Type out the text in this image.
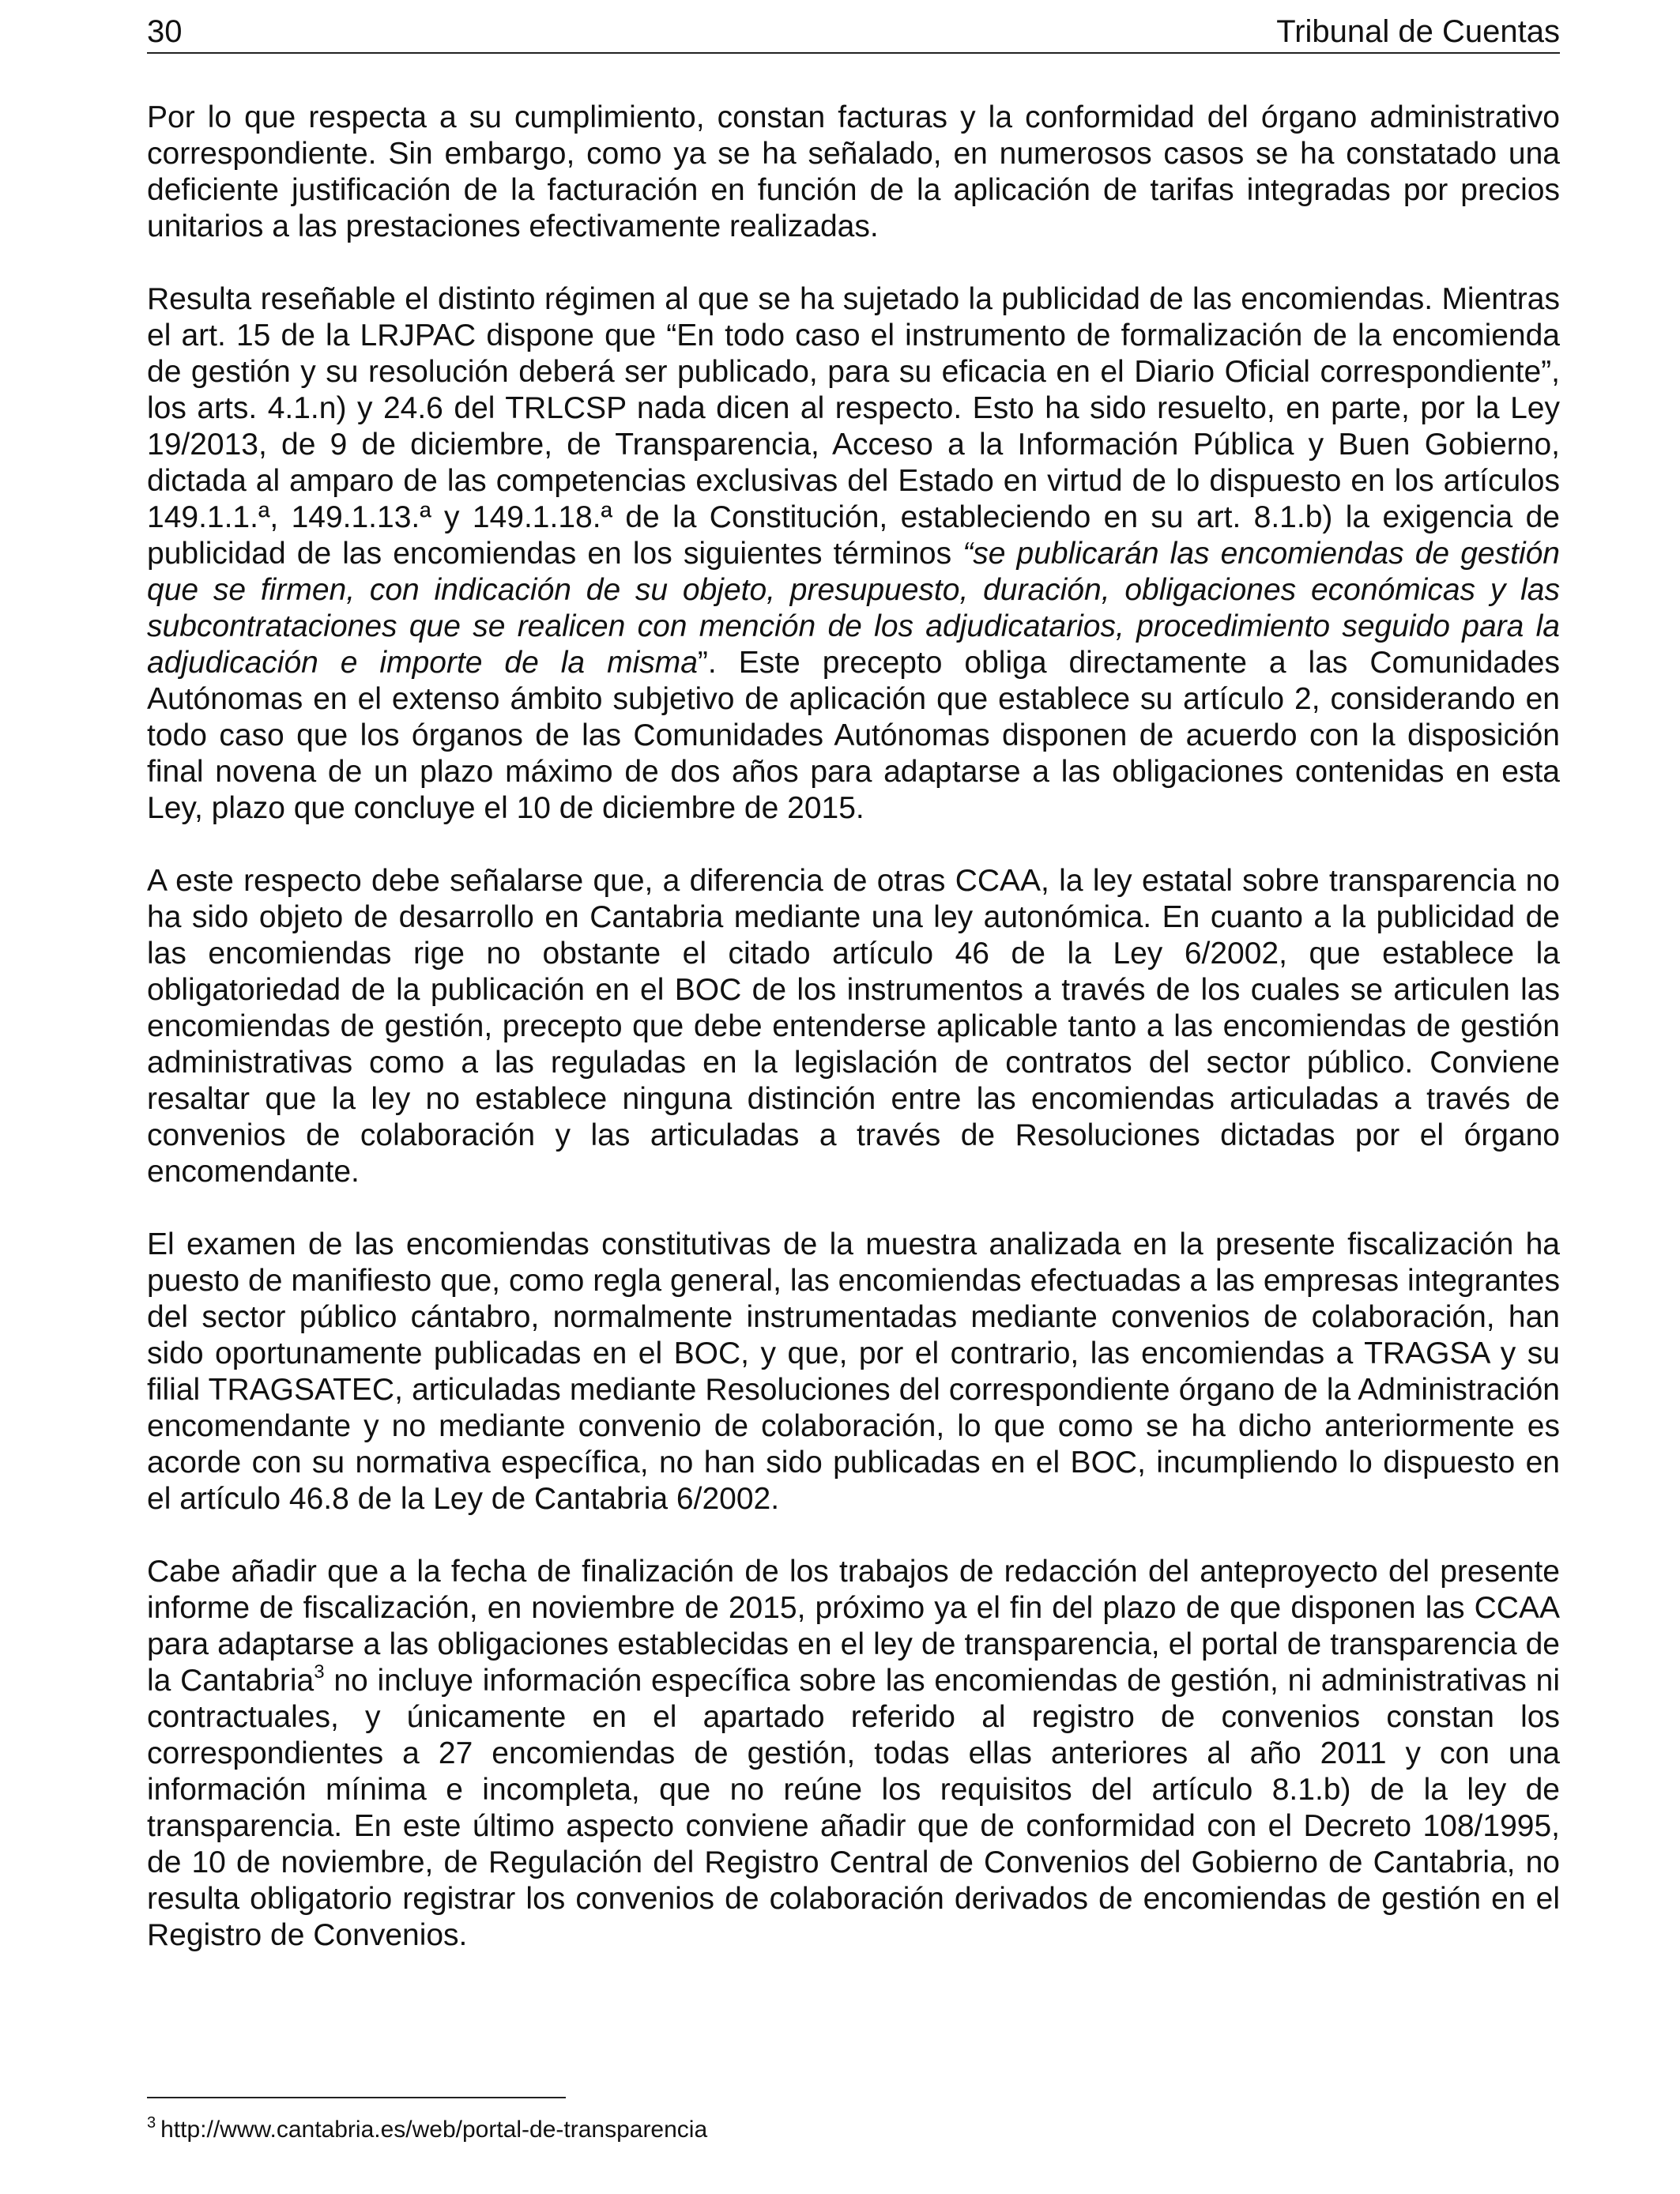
30	Tribunal de Cuentas

Por lo que respecta a su cumplimiento, constan facturas y la conformidad del órgano administrativo correspondiente. Sin embargo, como ya se ha señalado, en numerosos casos se ha constatado una deficiente justificación de la facturación en función de la aplicación de tarifas integradas por precios unitarios a las prestaciones efectivamente realizadas.

Resulta reseñable el distinto régimen al que se ha sujetado la publicidad de las encomiendas. Mientras el art. 15 de la LRJPAC dispone que “En todo caso el instrumento de formalización de la encomienda de gestión y su resolución deberá ser publicado, para su eficacia en el Diario Oficial correspondiente”, los arts. 4.1.n) y 24.6 del TRLCSP nada dicen al respecto. Esto ha sido resuelto, en parte, por la Ley 19/2013, de 9 de diciembre, de Transparencia, Acceso a la Información Pública y Buen Gobierno, dictada al amparo de las competencias exclusivas del Estado en virtud de lo dispuesto en los artículos 149.1.1.ª, 149.1.13.ª y 149.1.18.ª de la Constitución, estableciendo en su art. 8.1.b) la exigencia de publicidad de las encomiendas en los siguientes términos “se publicarán las encomiendas de gestión que se firmen, con indicación de su objeto, presupuesto, duración, obligaciones económicas y las subcontrataciones que se realicen con mención de los adjudicatarios, procedimiento seguido para la adjudicación e importe de la misma”. Este precepto obliga directamente a las Comunidades Autónomas en el extenso ámbito subjetivo de aplicación que establece su artículo 2, considerando en todo caso que los órganos de las Comunidades Autónomas disponen de acuerdo con la disposición final novena de un plazo máximo de dos años para adaptarse a las obligaciones contenidas en esta Ley, plazo que concluye el 10 de diciembre de 2015.

A este respecto debe señalarse que, a diferencia de otras CCAA, la ley estatal sobre transparencia no ha sido objeto de desarrollo en Cantabria mediante una ley autonómica. En cuanto a la publicidad de las encomiendas rige no obstante el citado artículo 46 de la Ley 6/2002, que establece la obligatoriedad de la publicación en el BOC de los instrumentos a través de los cuales se articulen las encomiendas de gestión, precepto que debe entenderse aplicable tanto a las encomiendas de gestión administrativas como a las reguladas en la legislación de contratos del sector público. Conviene resaltar que la ley no establece ninguna distinción entre las encomiendas articuladas a través de convenios de colaboración y las articuladas a través de Resoluciones dictadas por el órgano encomendante.

El examen de las encomiendas constitutivas de la muestra analizada en la presente fiscalización ha puesto de manifiesto que, como regla general, las encomiendas efectuadas a las empresas integrantes del sector público cántabro, normalmente instrumentadas mediante convenios de colaboración, han sido oportunamente publicadas en el BOC, y que, por el contrario, las encomiendas a TRAGSA y su filial TRAGSATEC, articuladas mediante Resoluciones del correspondiente órgano de la Administración encomendante y no mediante convenio de colaboración, lo que como se ha dicho anteriormente es acorde con su normativa específica, no han sido publicadas en el BOC, incumpliendo lo dispuesto en el artículo 46.8 de la Ley de Cantabria 6/2002.

Cabe añadir que a la fecha de finalización de los trabajos de redacción del anteproyecto del presente informe de fiscalización, en noviembre de 2015, próximo ya el fin del plazo de que disponen las CCAA para adaptarse a las obligaciones establecidas en el ley de transparencia, el portal de transparencia de la Cantabria$^3$ no incluye información específica sobre las encomiendas de gestión, ni administrativas ni contractuales, y únicamente en el apartado referido al registro de convenios constan los correspondientes a 27 encomiendas de gestión, todas ellas anteriores al año 2011 y con una información mínima e incompleta, que no reúne los requisitos del artículo 8.1.b) de la ley de transparencia. En este último aspecto conviene añadir que de conformidad con el Decreto 108/1995, de 10 de noviembre, de Regulación del Registro Central de Convenios del Gobierno de Cantabria, no resulta obligatorio registrar los convenios de colaboración derivados de encomiendas de gestión en el Registro de Convenios.

$^3$ http://www.cantabria.es/web/portal-de-transparencia
